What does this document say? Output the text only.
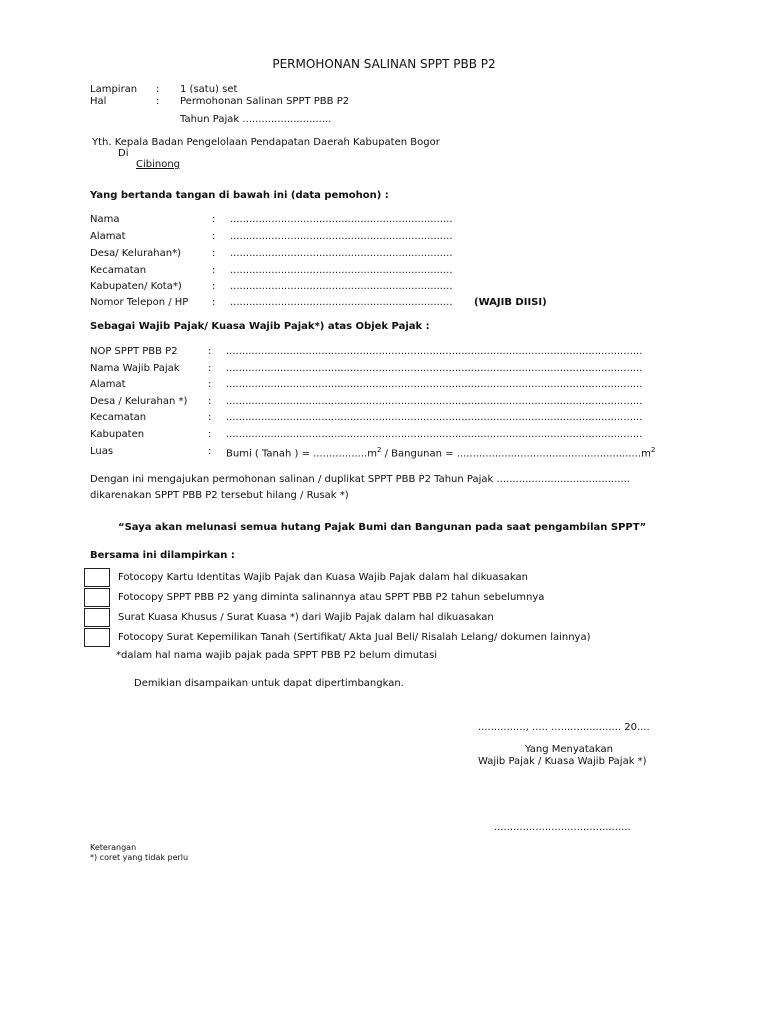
PERMOHONAN SALINAN SPPT PBB P2
Lampiran : 1 (satu) set
Hal	: Permohonan Salinan SPPT PBB P2
Tahun Pajak ............................
Yth. Kepala Badan Pengelolaan Pendapatan Daerah Kabupaten Bogor
Di
Cibinong
Yang bertanda tangan di bawah ini (data pemohon) :
Nama	: ......................................................................
Alamat	: ......................................................................
Desa/ Kelurahan*)	: ......................................................................
Kecamatan	: ......................................................................
Kabupaten/ Kota*)	: ......................................................................
Nomor Telepon / HP : ...................................................................... (WAJIB DIISI)
Sebagai Wajib Pajak/ Kuasa Wajib Pajak*) atas Objek Pajak :
NOP SPPT PBB P2	: ...................................................................................................................................
Nama Wajib Pajak	: ...................................................................................................................................
Alamat	: ...................................................................................................................................
Desa / Kelurahan *) : ...................................................................................................................................
Kecamatan	: ...................................................................................................................................
Kabupaten	: ...................................................................................................................................
Luas	: Bumi ( Tanah ) = $.................m^2$ / Bangunan = $..........................................................m^2$
Dengan ini mengajukan permohonan salinan / duplikat SPPT PBB P2 Tahun Pajak ..........................................
dikarenakan SPPT PBB P2 tersebut hilang / Rusak *)
“Saya akan melunasi semua hutang Pajak Bumi dan Bangunan pada saat pengambilan SPPT”
Bersama ini dilampirkan :
Fotocopy Kartu Identitas Wajib Pajak dan Kuasa Wajib Pajak dalam hal dikuasakan
Fotocopy SPPT PBB P2 yang diminta salinannya atau SPPT PBB P2 tahun sebelumnya
Surat Kuasa Khusus / Surat Kuasa *) dari Wajib Pajak dalam hal dikuasakan
Fotocopy Surat Kepemilikan Tanah (Sertifikat/ Akta Jual Beli/ Risalah Lelang/ dokumen lainnya)
*dalam hal nama wajib pajak pada SPPT PBB P2 belum dimutasi
Demikian disampaikan untuk dapat dipertimbangkan.
..............., ..... ...................... 20....
Yang Menyatakan
Wajib Pajak / Kuasa Wajib Pajak *)
...........................................
Keterangan
*) coret yang tidak perlu
